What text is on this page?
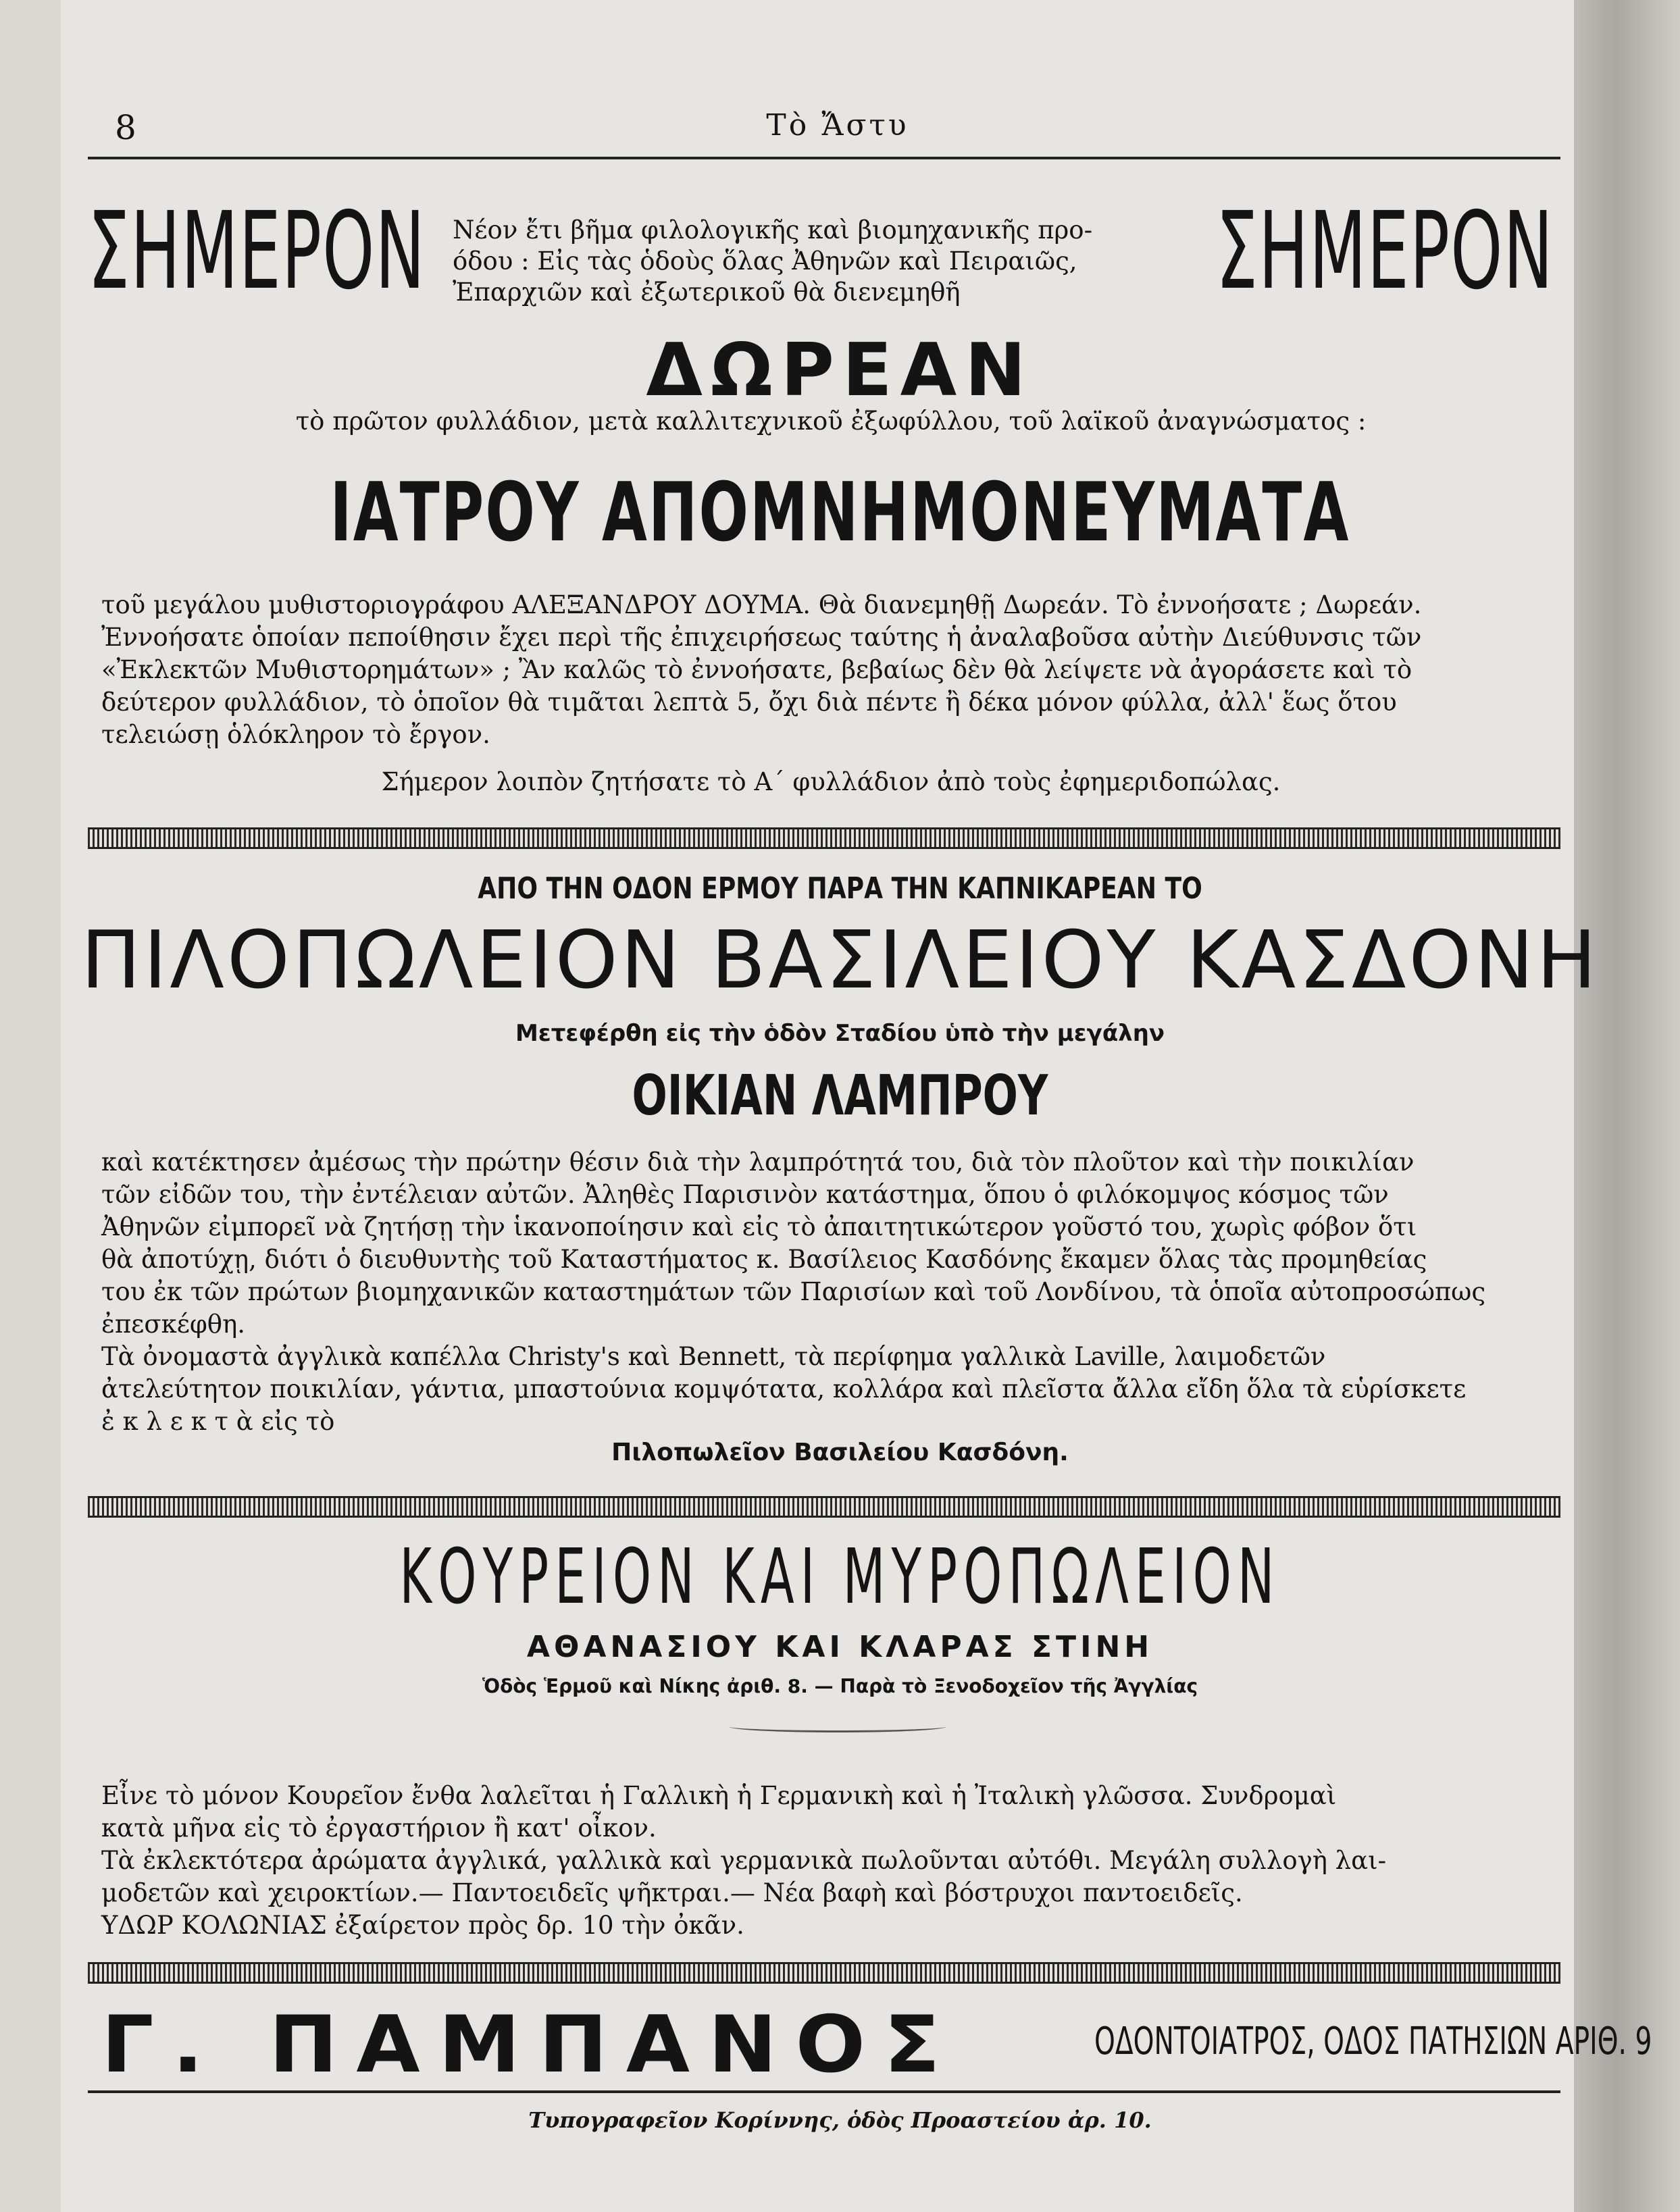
8	Τὸ Ἄστυ
ΣΗΜΕΡΟΝ	ΣΗΜΕΡΟΝ
Νέον ἔτι βῆμα φιλολογικῆς καὶ βιομηχανικῆς προ-
όδου : Εἰς τὰς ὁδοὺς ὅλας Ἀθηνῶν καὶ Πειραιῶς,
Ἐπαρχιῶν καὶ ἐξωτερικοῦ θὰ διενεμηθῆ
ΔΩΡΕΑΝ
τὸ πρῶτον φυλλάδιον, μετὰ καλλιτεχνικοῦ ἐξωφύλλου, τοῦ λαϊκοῦ ἀναγνώσματος :
ΙΑΤΡΟΥ ΑΠΟΜΝΗΜΟΝΕΥΜΑΤΑ
τοῦ μεγάλου μυθιστοριογράφου ΑΛΕΞΑΝΔΡΟΥ ΔΟΥΜΑ. Θὰ διανεμηθῇ Δωρεάν. Τὸ ἐννοήσατε ; Δωρεάν.
Ἐννοήσατε ὁποίαν πεποίθησιν ἔχει περὶ τῆς ἐπιχειρήσεως ταύτης ἡ ἀναλαβοῦσα αὐτὴν Διεύθυνσις τῶν
«Ἐκλεκτῶν Μυθιστορημάτων» ; Ἂν καλῶς τὸ ἐννοήσατε, βεβαίως δὲν θὰ λείψετε νὰ ἀγοράσετε καὶ τὸ
δεύτερον φυλλάδιον, τὸ ὁποῖον θὰ τιμᾶται λεπτὰ 5, ὄχι διὰ πέντε ἢ δέκα μόνον φύλλα, ἀλλ' ἕως ὅτου
τελειώσῃ ὁλόκληρον τὸ ἔργον.
Σήμερον λοιπὸν ζητήσατε τὸ Α΄ φυλλάδιον ἀπὸ τοὺς ἐφημεριδοπώλας.
ΑΠΟ ΤΗΝ ΟΔΟΝ ΕΡΜΟΥ ΠΑΡΑ ΤΗΝ ΚΑΠΝΙΚΑΡΕΑΝ ΤΟ
ΠΙΛΟΠΩΛΕΙΟΝ ΒΑΣΙΛΕΙΟΥ ΚΑΣΔΟΝΗ
Μετεφέρθη εἰς τὴν ὁδὸν Σταδίου ὑπὸ τὴν μεγάλην
ΟΙΚΙΑΝ ΛΑΜΠΡΟΥ
καὶ κατέκτησεν ἀμέσως τὴν πρώτην θέσιν διὰ τὴν λαμπρότητά του, διὰ τὸν πλοῦτον καὶ τὴν ποικιλίαν
τῶν εἰδῶν του, τὴν ἐντέλειαν αὐτῶν. Ἀληθὲς Παρισινὸν κατάστημα, ὅπου ὁ φιλόκομψος κόσμος τῶν
Ἀθηνῶν εἰμπορεῖ νὰ ζητήσῃ τὴν ἱκανοποίησιν καὶ εἰς τὸ ἀπαιτητικώτερον γοῦστό του, χωρὶς φόβον ὅτι
θὰ ἀποτύχῃ, διότι ὁ διευθυντὴς τοῦ Καταστήματος κ. Βασίλειος Κασδόνης ἔκαμεν ὅλας τὰς προμηθείας
του ἐκ τῶν πρώτων βιομηχανικῶν καταστημάτων τῶν Παρισίων καὶ τοῦ Λονδίνου, τὰ ὁποῖα αὐτοπροσώπως
ἐπεσκέφθη.
Τὰ ὀνομαστὰ ἀγγλικὰ καπέλλα Christy's καὶ Bennett, τὰ περίφημα γαλλικὰ Laville, λαιμοδετῶν
ἀτελεύτητον ποικιλίαν, γάντια, μπαστούνια κομψότατα, κολλάρα καὶ πλεῖστα ἄλλα εἴδη ὅλα τὰ εὑρίσκετε
ἐ κ λ ε κ τ ὰ εἰς τὸ
Πιλοπωλεῖον Βασιλείου Κασδόνη.
ΚΟΥΡΕΙΟΝ ΚΑΙ ΜΥΡΟΠΩΛΕΙΟΝ
ΑΘΑΝΑΣΙΟΥ ΚΑΙ ΚΛΑΡΑΣ ΣΤΙΝΗ
Ὁδὸς Ἑρμοῦ καὶ Νίκης ἀριθ. 8. — Παρὰ τὸ Ξενοδοχεῖον τῆς Ἀγγλίας
Εἶνε τὸ μόνον Κουρεῖον ἔνθα λαλεῖται ἡ Γαλλικὴ ἡ Γερμανικὴ καὶ ἡ Ἰταλικὴ γλῶσσα. Συνδρομαὶ
κατὰ μῆνα εἰς τὸ ἐργαστήριον ἢ κατ' οἶκον.
Τὰ ἐκλεκτότερα ἀρώματα ἀγγλικά, γαλλικὰ καὶ γερμανικὰ πωλοῦνται αὐτόθι. Μεγάλη συλλογὴ λαι-
μοδετῶν καὶ χειροκτίων.— Παντοειδεῖς ψῆκτραι.— Νέα βαφὴ καὶ βόστρυχοι παντοειδεῖς.
ΥΔΩΡ ΚΟΛΩΝΙΑΣ ἐξαίρετον πρὸς δρ. 10 τὴν ὀκᾶν.
Γ. ΠΑΜΠΑΝΟΣ	ΟΔΟΝΤΟΙΑΤΡΟΣ, ΟΔΟΣ ΠΑΤΗΣΙΩΝ ΑΡΙΘ. 9
Τυπογραφεῖον Κορίννης, ὁδὸς Προαστείου ἀρ. 10.
